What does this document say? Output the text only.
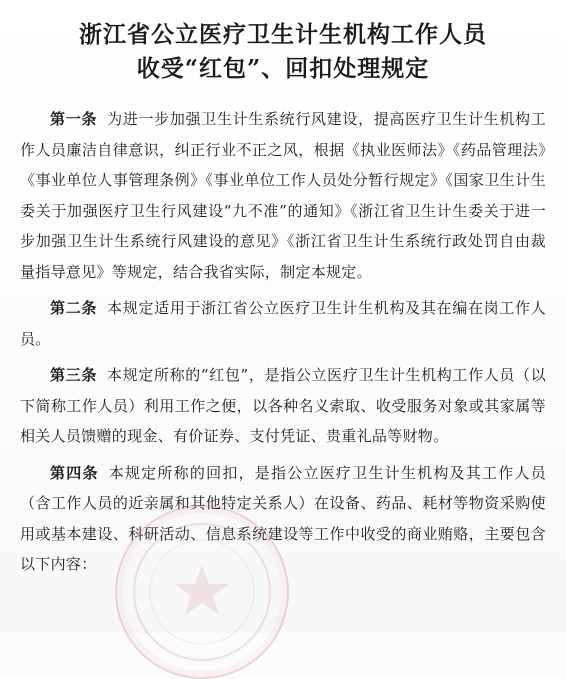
浙江省公立医疗卫生计生机构工作人员
收受“红包”、回扣处理规定

第一条 为进一步加强卫生计生系统行风建设，提高医疗卫生计生机构工作人员廉洁自律意识，纠正行业不正之风，根据《执业医师法》《药品管理法》《事业单位人事管理条例》《事业单位工作人员处分暂行规定》《国家卫生计生委关于加强医疗卫生行风建设“九不准”的通知》《浙江省卫生计生委关于进一步加强卫生计生系统行风建设的意见》《浙江省卫生计生系统行政处罚自由裁量指导意见》等规定，结合我省实际，制定本规定。

第二条 本规定适用于浙江省公立医疗卫生计生机构及其在编在岗工作人员。

第三条 本规定所称的“红包”，是指公立医疗卫生计生机构工作人员（以下简称工作人员）利用工作之便，以各种名义索取、收受服务对象或其家属等相关人员馈赠的现金、有价证券、支付凭证、贵重礼品等财物。

第四条 本规定所称的回扣，是指公立医疗卫生计生机构及其工作人员（含工作人员的近亲属和其他特定关系人）在设备、药品、耗材等物资采购使用或基本建设、科研活动、信息系统建设等工作中收受的商业贿赂，主要包含以下内容：
